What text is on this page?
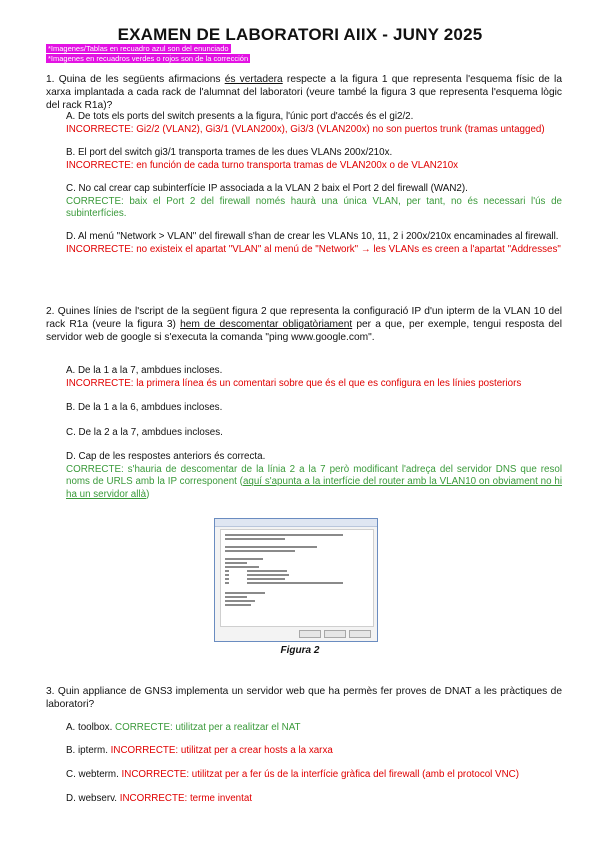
EXAMEN DE LABORATORI AIIX - JUNY 2025
*Imagenes/Tablas en recuadro azul son del enunciado
*Imagenes en recuadros verdes o rojos son de la corrección
1. Quina de les següents afirmacions és vertadera respecte a la figura 1 que representa l'esquema físic de la xarxa implantada a cada rack de l'alumnat del laboratori (veure també la figura 3 que representa l'esquema lògic del rack R1a)?
A. De tots els ports del switch presents a la figura, l'únic port d'accés és el gi2/2.
INCORRECTE: Gi2/2 (VLAN2), Gi3/1 (VLAN200x), Gi3/3 (VLAN200x) no son puertos trunk (tramas untagged)
B. El port del switch gi3/1 transporta trames de les dues VLANs 200x/210x.
INCORRECTE: en función de cada turno transporta tramas de VLAN200x o de VLAN210x
C. No cal crear cap subinterfície IP associada a la VLAN 2 baix el Port 2 del firewall (WAN2).
CORRECTE: baix el Port 2 del firewall només haurà una única VLAN, per tant, no és necessari l'ús de subinterfícies.
D. Al menú "Network > VLAN" del firewall s'han de crear les VLANs 10, 11, 2 i 200x/210x encaminades al firewall.
INCORRECTE: no existeix el apartat "VLAN" al menú de "Network" → les VLANs es creen a l'apartat "Addresses"
2. Quines línies de l'script de la següent figura 2 que representa la configuració IP d'un ipterm de la VLAN 10 del rack R1a (veure la figura 3) hem de descomentar obligatòriament per a que, per exemple, tengui resposta del servidor web de google si s'executa la comanda "ping www.google.com".
A. De la 1 a la 7, ambdues incloses.
INCORRECTE: la primera línea és un comentari sobre que és el que es configura en les línies posteriors
B. De la 1 a la 6, ambdues incloses.
C. De la 2 a la 7, ambdues incloses.
D. Cap de les respostes anteriors és correcta.
CORRECTE: s'hauria de descomentar de la línia 2 a la 7 però modificant l'adreça del servidor DNS que resol noms de URLS amb la IP corresponent (aquí s'apunta a la interfície del router amb la VLAN10 on obviament no hi ha un servidor allà)
Figura 2
3. Quin appliance de GNS3 implementa un servidor web que ha permès fer proves de DNAT a les pràctiques de laboratori?
A. toolbox. CORRECTE: utilitzat per a realitzar el NAT
B. ipterm. INCORRECTE: utilitzat per a crear hosts a la xarxa
C. webterm. INCORRECTE: utilitzat per a fer ús de la interfície gràfica del firewall (amb el protocol VNC)
D. webserv. INCORRECTE: terme inventat
